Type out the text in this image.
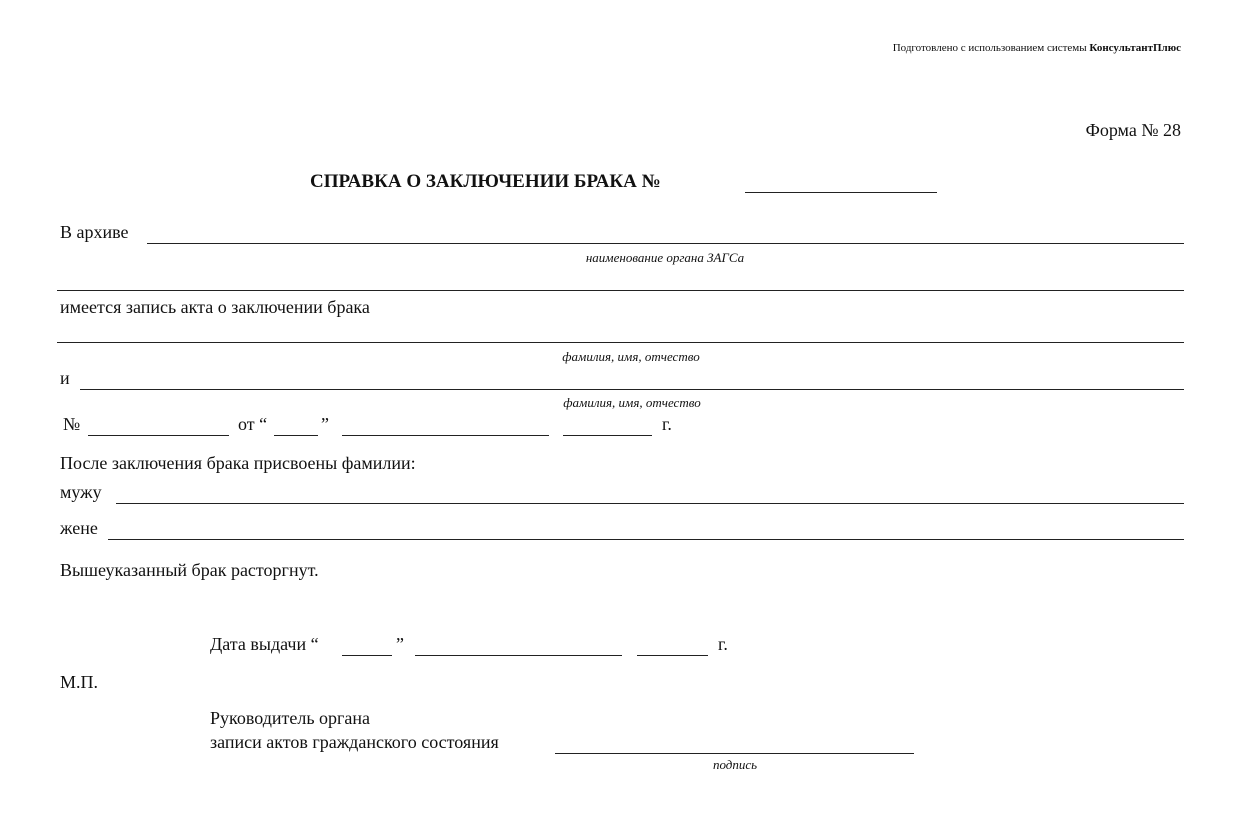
Подготовлено с использованием системы КонсультантПлюс
Форма № 28
СПРАВКА О ЗАКЛЮЧЕНИИ БРАКА №
В архиве
наименование органа ЗАГСа
имеется запись акта о заключении брака
фамилия, имя, отчество
и
фамилия, имя, отчество
№	от “	”	г.
После заключения брака присвоены фамилии:
мужу
жене
Вышеуказанный брак расторгнут.
Дата выдачи “	”	г.
М.П.
Руководитель органа
записи актов гражданского состояния
подпись
